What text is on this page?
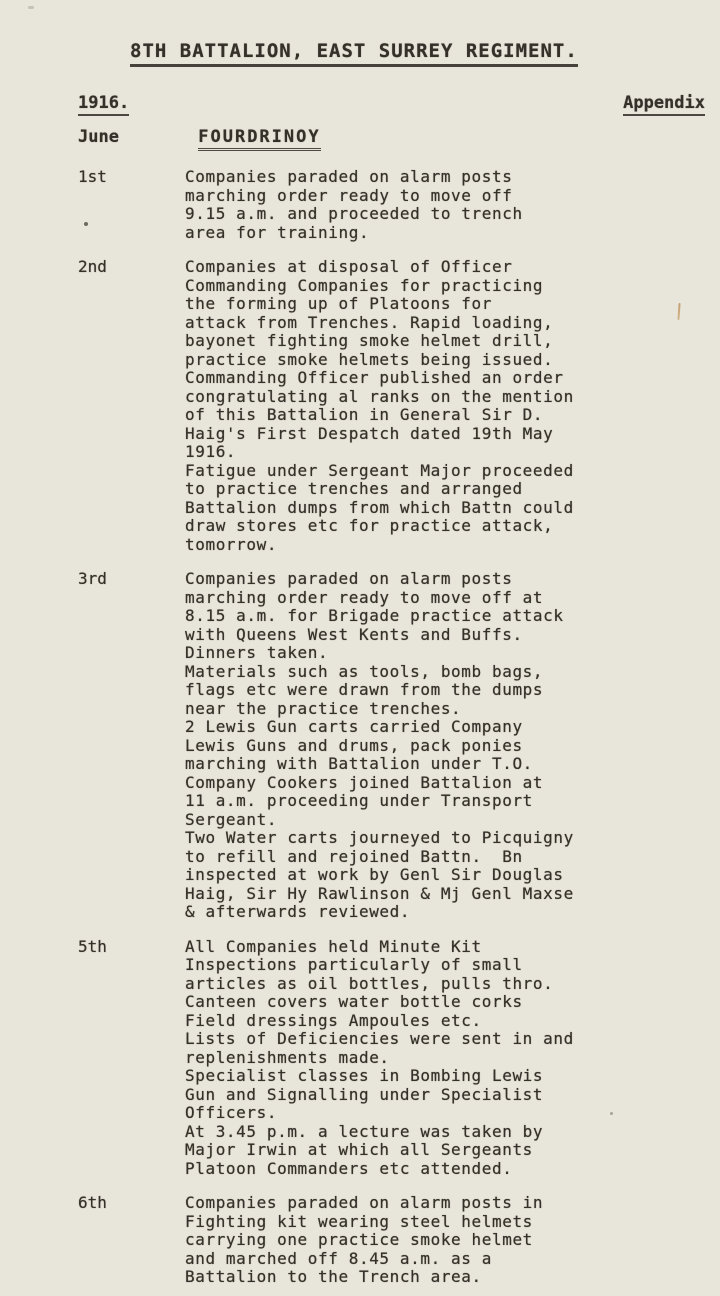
8TH BATTALION, EAST SURREY REGIMENT.
1916.	Appendix
June	FOURDRINOY
1st	Companies paraded on alarm posts
marching order ready to move off
9.15 a.m. and proceeded to trench
area for training.
2nd	Companies at disposal of Officer
Commanding Companies for practicing
the forming up of Platoons for
attack from Trenches. Rapid loading,
bayonet fighting smoke helmet drill,
practice smoke helmets being issued.
Commanding Officer published an order
congratulating al ranks on the mention
of this Battalion in General Sir D.
Haig's First Despatch dated 19th May
1916.
Fatigue under Sergeant Major proceeded
to practice trenches and arranged
Battalion dumps from which Battn could
draw stores etc for practice attack,
tomorrow.
3rd	Companies paraded on alarm posts
marching order ready to move off at
8.15 a.m. for Brigade practice attack
with Queens West Kents and Buffs.
Dinners taken.
Materials such as tools, bomb bags,
flags etc were drawn from the dumps
near the practice trenches.
2 Lewis Gun carts carried Company
Lewis Guns and drums, pack ponies
marching with Battalion under T.O.
Company Cookers joined Battalion at
11 a.m. proceeding under Transport
Sergeant.
Two Water carts journeyed to Picquigny
to refill and rejoined Battn.  Bn
inspected at work by Genl Sir Douglas
Haig, Sir Hy Rawlinson & Mj Genl Maxse
& afterwards reviewed.
5th	All Companies held Minute Kit
Inspections particularly of small
articles as oil bottles, pulls thro.
Canteen covers water bottle corks
Field dressings Ampoules etc.
Lists of Deficiencies were sent in and
replenishments made.
Specialist classes in Bombing Lewis
Gun and Signalling under Specialist
Officers.
At 3.45 p.m. a lecture was taken by
Major Irwin at which all Sergeants
Platoon Commanders etc attended.
6th	Companies paraded on alarm posts in
Fighting kit wearing steel helmets
carrying one practice smoke helmet
and marched off 8.45 a.m. as a
Battalion to the Trench area.
